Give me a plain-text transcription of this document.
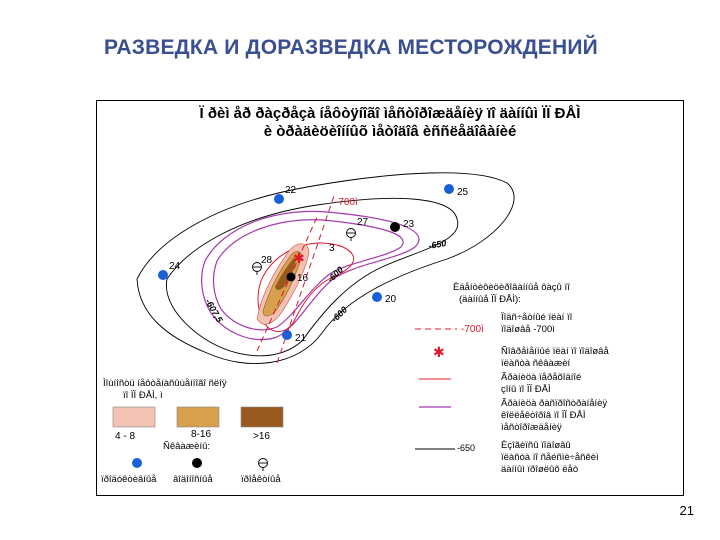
РАЗВЕДКА И ДОРАЗВЕДКА МЕСТОРОЖДЕНИЙ
Ï ðèì åð ðàçðåçà íåôòÿíîãî ìåñòîðîæäåíèÿ ïî äàííûì ÏÏ ÐÅÌ
è òðàäèöèîííûõ ìåòîäîâ èññëåäîâàíèé
-700ì
-650
-600
-600
-607,5
22	25
27	23
3
28
24
16
20
21
✱
-700ì
✱
-650
Èäåíòèôèöèðîâàííûå ôàçû ïî
(äàííûå ÏÏ ÐÅÌ):
Ïîäñ÷åòíûé ïëàí ïî
ïîäîøâå -700ì
Ñîâðåìåííûé ïëàí ïî ïîäîøâå
ïëàñòà ñêâàæèí
Ãðàíèöà ïåðåõîäíîé
çîíû ïî ÏÏ ÐÅÌ
Ãðàíèöà ðàñïðîñòðàíåíèÿ
êîëëåêòîðîâ ïî ÏÏ ÐÅÌ
ìåñòîðîæäåíèÿ
Èçîãèïñû ïîäîøâû
ïëàñòà ïî ñåéñìè÷åñêèì
äàííûì ïðîøëûõ ëåò
Ìîùíîñòü íåôòåíàñûùåííîãî ñëîÿ
ïî ÏÏ ÐÅÌ, ì
4 - 8	8-16	>16
Ñêâàæèíû:
ïðîäóêòèâíûå âîäîíîñíûå	ïðîåêòíûå
21
